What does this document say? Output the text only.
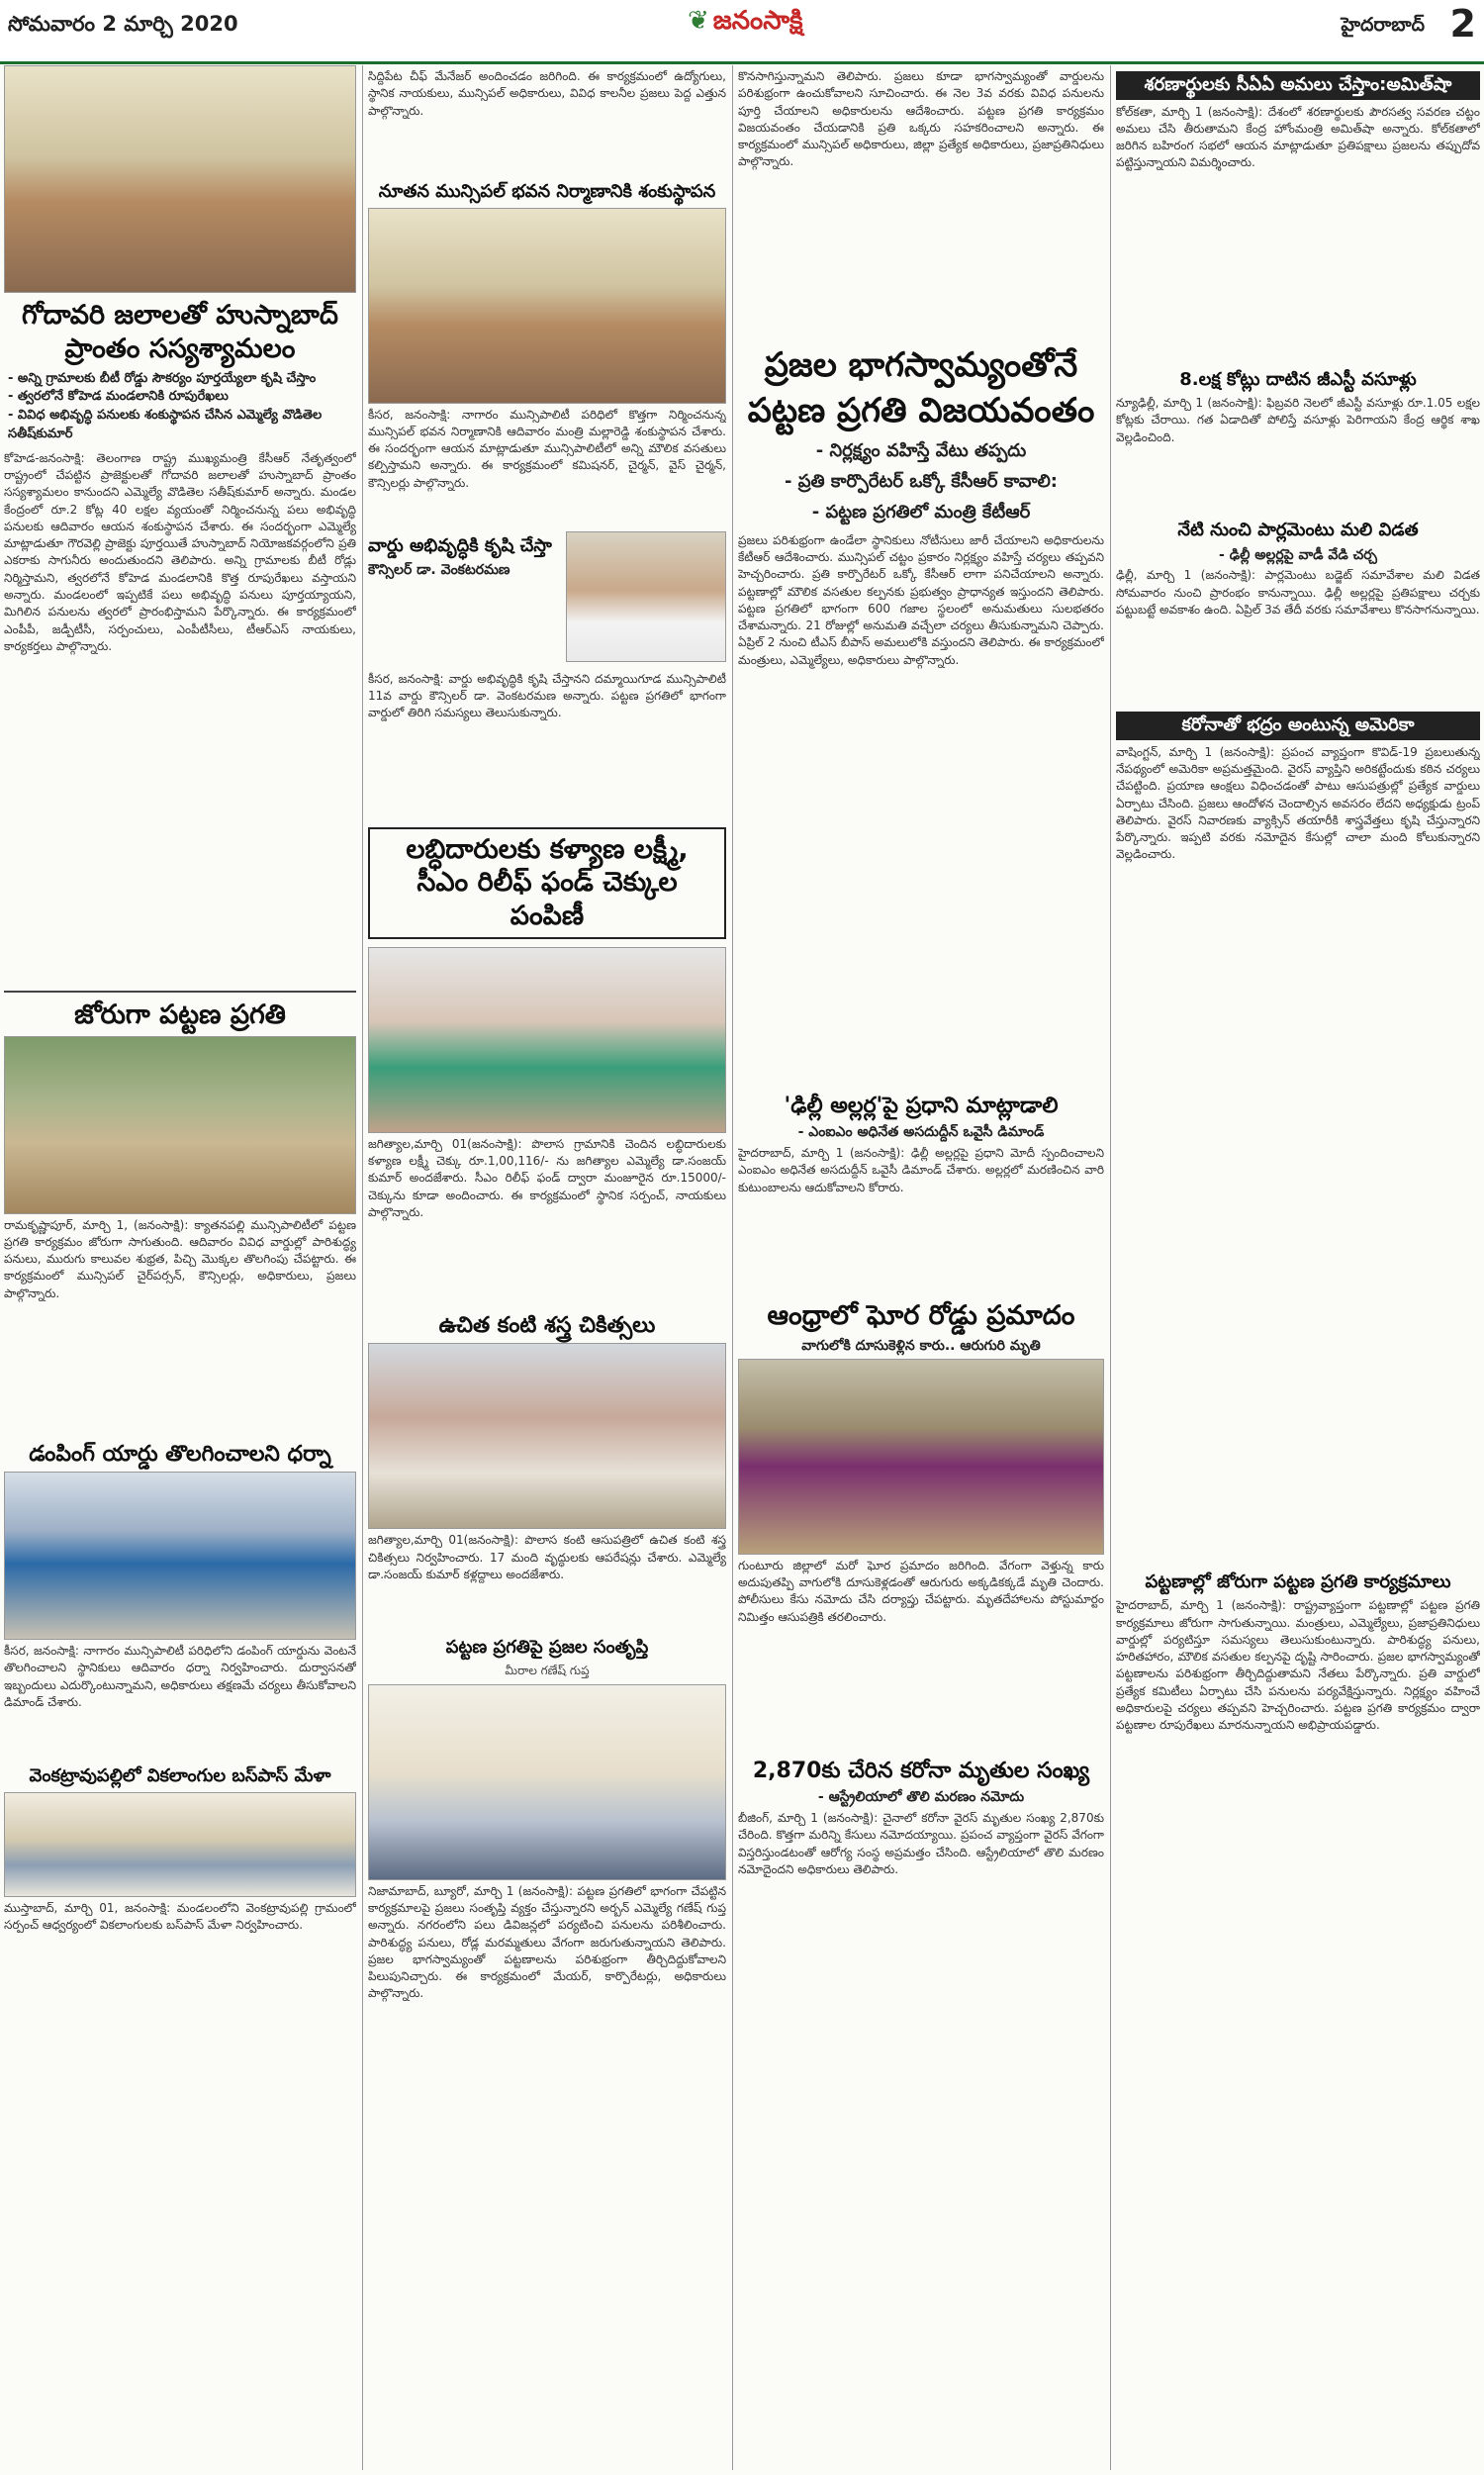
సోమవారం 2 మార్చి 2020	❦ జనంసాక్షి	హైదరాబాద్ 2
గోదావరి జలాలతో హుస్నాబాద్ ప్రాంతం సస్యశ్యామలం
- అన్ని గ్రామాలకు బీటీ రోడ్డు సౌకర్యం పూర్తయ్యేలా కృషి చేస్తాం
- త్వరలోనే కోహెడ మండలానికి రూపురేఖలు
- వివిధ అభివృద్ధి పనులకు శంకుస్థాపన చేసిన ఎమ్మెల్యే వొడితెల సతీష్‌కుమార్
కోహెడ-జనంసాక్షి: తెలంగాణ రాష్ట్ర ముఖ్యమంత్రి కేసీఆర్ నేతృత్వంలో రాష్ట్రంలో చేపట్టిన ప్రాజెక్టులతో గోదావరి జలాలతో హుస్నాబాద్ ప్రాంతం సస్యశ్యామలం కానుందని ఎమ్మెల్యే వొడితెల సతీష్‌కుమార్ అన్నారు. మండల కేంద్రంలో రూ.2 కోట్ల 40 లక్షల వ్యయంతో నిర్మించనున్న పలు అభివృద్ధి పనులకు ఆదివారం ఆయన శంకుస్థాపన చేశారు. ఈ సందర్భంగా ఎమ్మెల్యే మాట్లాడుతూ గౌరవెల్లి ప్రాజెక్టు పూర్తయితే హుస్నాబాద్ నియోజకవర్గంలోని ప్రతి ఎకరాకు సాగునీరు అందుతుందని తెలిపారు. అన్ని గ్రామాలకు బీటీ రోడ్లు నిర్మిస్తామని, త్వరలోనే కోహెడ మండలానికి కొత్త రూపురేఖలు వస్తాయని అన్నారు. మండలంలో ఇప్పటికే పలు అభివృద్ధి పనులు పూర్తయ్యాయని, మిగిలిన పనులను త్వరలో ప్రారంభిస్తామని పేర్కొన్నారు. ఈ కార్యక్రమంలో ఎంపీపీ, జడ్పీటీసీ, సర్పంచులు, ఎంపీటీసీలు, టీఆర్‌ఎస్ నాయకులు, కార్యకర్తలు పాల్గొన్నారు.
జోరుగా పట్టణ ప్రగతి
రామకృష్ణాపూర్, మార్చి 1, (జనంసాక్షి): క్యాతనపల్లి మున్సిపాలిటీలో పట్టణ ప్రగతి కార్యక్రమం జోరుగా సాగుతుంది. ఆదివారం వివిధ వార్డుల్లో పారిశుద్ధ్య పనులు, మురుగు కాలువల శుభ్రత, పిచ్చి మొక్కల తొలగింపు చేపట్టారు. ఈ కార్యక్రమంలో మున్సిపల్ చైర్‌పర్సన్, కౌన్సిలర్లు, అధికారులు, ప్రజలు పాల్గొన్నారు.
డంపింగ్ యార్డు తొలగించాలని ధర్నా
కీసర, జనంసాక్షి: నాగారం మున్సిపాలిటీ పరిధిలోని డంపింగ్ యార్డును వెంటనే తొలగించాలని స్థానికులు ఆదివారం ధర్నా నిర్వహించారు. దుర్వాసనతో ఇబ్బందులు ఎదుర్కొంటున్నామని, అధికారులు తక్షణమే చర్యలు తీసుకోవాలని డిమాండ్ చేశారు.
వెంకట్రావుపల్లిలో వికలాంగుల బస్‌పాస్ మేళా
ముస్తాబాద్, మార్చి 01, జనంసాక్షి: మండలంలోని వెంకట్రావుపల్లి గ్రామంలో సర్పంచ్ ఆధ్వర్యంలో వికలాంగులకు బస్‌పాస్ మేళా నిర్వహించారు.
సిద్దిపేట చీఫ్ మేనేజర్ అందించడం జరిగింది. ఈ కార్యక్రమంలో ఉద్యోగులు, స్థానిక నాయకులు, మున్సిపల్ అధికారులు, వివిధ కాలనీల ప్రజలు పెద్ద ఎత్తున పాల్గొన్నారు.
నూతన మున్సిపల్ భవన నిర్మాణానికి శంకుస్థాపన
కీసర, జనంసాక్షి: నాగారం మున్సిపాలిటీ పరిధిలో కొత్తగా నిర్మించనున్న మున్సిపల్ భవన నిర్మాణానికి ఆదివారం మంత్రి మల్లారెడ్డి శంకుస్థాపన చేశారు. ఈ సందర్భంగా ఆయన మాట్లాడుతూ మున్సిపాలిటీలో అన్ని మౌలిక వసతులు కల్పిస్తామని అన్నారు. ఈ కార్యక్రమంలో కమిషనర్, చైర్మన్, వైస్ చైర్మన్, కౌన్సిలర్లు పాల్గొన్నారు.
వార్డు అభివృద్ధికి కృషి చేస్తా
కౌన్సిలర్ డా. వెంకటరమణ
కీసర, జనంసాక్షి: వార్డు అభివృద్ధికి కృషి చేస్తానని దమ్మాయిగూడ మున్సిపాలిటీ 11వ వార్డు కౌన్సిలర్ డా. వెంకటరమణ అన్నారు. పట్టణ ప్రగతిలో భాగంగా వార్డులో తిరిగి సమస్యలు తెలుసుకున్నారు.
లబ్ధిదారులకు కళ్యాణ లక్ష్మీ, సీఎం రిలీఫ్ ఫండ్ చెక్కుల పంపిణీ
జగిత్యాల,మార్చి 01(జనంసాక్షి): పొలాస గ్రామానికి చెందిన లబ్ధిదారులకు కళ్యాణ లక్ష్మీ చెక్కు రూ.1,00,116/- ను జగిత్యాల ఎమ్మెల్యే డా.సంజయ్ కుమార్ అందజేశారు. సీఎం రిలీఫ్ ఫండ్ ద్వారా మంజూరైన రూ.15000/- చెక్కును కూడా అందించారు. ఈ కార్యక్రమంలో స్థానిక సర్పంచ్, నాయకులు పాల్గొన్నారు.
ఉచిత కంటి శస్త్ర చికిత్సలు
జగిత్యాల,మార్చి 01(జనంసాక్షి): పొలాస కంటి ఆసుపత్రిలో ఉచిత కంటి శస్త్ర చికిత్సలు నిర్వహించారు. 17 మంది వృద్ధులకు ఆపరేషన్లు చేశారు. ఎమ్మెల్యే డా.సంజయ్ కుమార్ కళ్లద్దాలు అందజేశారు.
పట్టణ ప్రగతిపై ప్రజల సంతృప్తి
మీరాల గణేష్ గుప్త
నిజామాబాద్, బ్యూరో, మార్చి 1 (జనంసాక్షి): పట్టణ ప్రగతిలో భాగంగా చేపట్టిన కార్యక్రమాలపై ప్రజలు సంతృప్తి వ్యక్తం చేస్తున్నారని అర్బన్ ఎమ్మెల్యే గణేష్ గుప్త అన్నారు. నగరంలోని పలు డివిజన్లలో పర్యటించి పనులను పరిశీలించారు. పారిశుద్ధ్య పనులు, రోడ్ల మరమ్మతులు వేగంగా జరుగుతున్నాయని తెలిపారు. ప్రజల భాగస్వామ్యంతో పట్టణాలను పరిశుభ్రంగా తీర్చిదిద్దుకోవాలని పిలుపునిచ్చారు. ఈ కార్యక్రమంలో మేయర్, కార్పొరేటర్లు, అధికారులు పాల్గొన్నారు.
కొనసాగిస్తున్నామని తెలిపారు. ప్రజలు కూడా భాగస్వామ్యంతో వార్డులను పరిశుభ్రంగా ఉంచుకోవాలని సూచించారు. ఈ నెల 3వ వరకు వివిధ పనులను పూర్తి చేయాలని అధికారులను ఆదేశించారు. పట్టణ ప్రగతి కార్యక్రమం విజయవంతం చేయడానికి ప్రతి ఒక్కరు సహకరించాలని అన్నారు. ఈ కార్యక్రమంలో మున్సిపల్ అధికారులు, జిల్లా ప్రత్యేక అధికారులు, ప్రజాప్రతినిధులు పాల్గొన్నారు.
ప్రజల భాగస్వామ్యంతోనే పట్టణ ప్రగతి విజయవంతం
- నిర్లక్ష్యం వహిస్తే వేటు తప్పదు
- ప్రతి కార్పొరేటర్ ఒక్కో కేసీఆర్ కావాలి:
- పట్టణ ప్రగతిలో మంత్రి కేటీఆర్
ప్రజలు పరిశుభ్రంగా ఉండేలా స్థానికులు నోటీసులు జారీ చేయాలని అధికారులను కేటీఆర్ ఆదేశించారు. మున్సిపల్ చట్టం ప్రకారం నిర్లక్ష్యం వహిస్తే చర్యలు తప్పవని హెచ్చరించారు. ప్రతి కార్పొరేటర్ ఒక్కో కేసీఆర్ లాగా పనిచేయాలని అన్నారు. పట్టణాల్లో మౌలిక వసతుల కల్పనకు ప్రభుత్వం ప్రాధాన్యత ఇస్తుందని తెలిపారు. పట్టణ ప్రగతిలో భాగంగా 600 గజాల స్థలంలో అనుమతులు సులభతరం చేశామన్నారు. 21 రోజుల్లో అనుమతి వచ్చేలా చర్యలు తీసుకున్నామని చెప్పారు. ఏప్రిల్ 2 నుంచి టీఎస్ బీపాస్ అమలులోకి వస్తుందని తెలిపారు. ఈ కార్యక్రమంలో మంత్రులు, ఎమ్మెల్యేలు, అధికారులు పాల్గొన్నారు.
'ఢిల్లీ అల్లర్ల'పై ప్రధాని మాట్లాడాలి
- ఎంఐఎం అధినేత అసదుద్దీన్ ఒవైసీ డిమాండ్
హైదరాబాద్, మార్చి 1 (జనంసాక్షి): ఢిల్లీ అల్లర్లపై ప్రధాని మోదీ స్పందించాలని ఎంఐఎం అధినేత అసదుద్దీన్ ఒవైసీ డిమాండ్ చేశారు. అల్లర్లలో మరణించిన వారి కుటుంబాలను ఆదుకోవాలని కోరారు.
ఆంధ్రాలో ఘోర రోడ్డు ప్రమాదం
వాగులోకి దూసుకెళ్లిన కారు.. ఆరుగురి మృతి
గుంటూరు జిల్లాలో మరో ఘోర ప్రమాదం జరిగింది. వేగంగా వెళ్తున్న కారు అదుపుతప్పి వాగులోకి దూసుకెళ్లడంతో ఆరుగురు అక్కడికక్కడే మృతి చెందారు. పోలీసులు కేసు నమోదు చేసి దర్యాప్తు చేపట్టారు. మృతదేహాలను పోస్టుమార్టం నిమిత్తం ఆసుపత్రికి తరలించారు.
2,870కు చేరిన కరోనా మృతుల సంఖ్య
- ఆస్ట్రేలియాలో తొలి మరణం నమోదు
బీజింగ్, మార్చి 1 (జనంసాక్షి): చైనాలో కరోనా వైరస్ మృతుల సంఖ్య 2,870కు చేరింది. కొత్తగా మరిన్ని కేసులు నమోదయ్యాయి. ప్రపంచ వ్యాప్తంగా వైరస్ వేగంగా విస్తరిస్తుండటంతో ఆరోగ్య సంస్థ అప్రమత్తం చేసింది. ఆస్ట్రేలియాలో తొలి మరణం నమోదైందని అధికారులు తెలిపారు.
శరణార్థులకు సీఏఏ అమలు చేస్తాం:అమిత్‌షా
కోల్‌కతా, మార్చి 1 (జనంసాక్షి): దేశంలో శరణార్థులకు పౌరసత్వ సవరణ చట్టం అమలు చేసి తీరుతామని కేంద్ర హోంమంత్రి అమిత్‌షా అన్నారు. కోల్‌కతాలో జరిగిన బహిరంగ సభలో ఆయన మాట్లాడుతూ ప్రతిపక్షాలు ప్రజలను తప్పుదోవ పట్టిస్తున్నాయని విమర్శించారు.
8.లక్ష కోట్లు దాటిన జీఎస్టీ వసూళ్లు
న్యూఢిల్లీ, మార్చి 1 (జనంసాక్షి): ఫిబ్రవరి నెలలో జీఎస్టీ వసూళ్లు రూ.1.05 లక్షల కోట్లకు చేరాయి. గత ఏడాదితో పోలిస్తే వసూళ్లు పెరిగాయని కేంద్ర ఆర్థిక శాఖ వెల్లడించింది.
నేటి నుంచి పార్లమెంటు మలి విడత
- ఢిల్లీ అల్లర్లపై వాడీ వేడి చర్చ
ఢిల్లీ, మార్చి 1 (జనంసాక్షి): పార్లమెంటు బడ్జెట్ సమావేశాల మలి విడత సోమవారం నుంచి ప్రారంభం కానున్నాయి. ఢిల్లీ అల్లర్లపై ప్రతిపక్షాలు చర్చకు పట్టుబట్టే అవకాశం ఉంది. ఏప్రిల్ 3వ తేదీ వరకు సమావేశాలు కొనసాగనున్నాయి.
కరోనాతో భద్రం అంటున్న అమెరికా
వాషింగ్టన్, మార్చి 1 (జనంసాక్షి): ప్రపంచ వ్యాప్తంగా కొవిడ్-19 ప్రబలుతున్న నేపథ్యంలో అమెరికా అప్రమత్తమైంది. వైరస్ వ్యాప్తిని అరికట్టేందుకు కఠిన చర్యలు చేపట్టింది. ప్రయాణ ఆంక్షలు విధించడంతో పాటు ఆసుపత్రుల్లో ప్రత్యేక వార్డులు ఏర్పాటు చేసింది. ప్రజలు ఆందోళన చెందాల్సిన అవసరం లేదని అధ్యక్షుడు ట్రంప్ తెలిపారు. వైరస్ నివారణకు వ్యాక్సిన్ తయారీకి శాస్త్రవేత్తలు కృషి చేస్తున్నారని పేర్కొన్నారు. ఇప్పటి వరకు నమోదైన కేసుల్లో చాలా మంది కోలుకున్నారని వెల్లడించారు.
పట్టణాల్లో జోరుగా పట్టణ ప్రగతి కార్యక్రమాలు
హైదరాబాద్, మార్చి 1 (జనంసాక్షి): రాష్ట్రవ్యాప్తంగా పట్టణాల్లో పట్టణ ప్రగతి కార్యక్రమాలు జోరుగా సాగుతున్నాయి. మంత్రులు, ఎమ్మెల్యేలు, ప్రజాప్రతినిధులు వార్డుల్లో పర్యటిస్తూ సమస్యలు తెలుసుకుంటున్నారు. పారిశుద్ధ్య పనులు, హరితహారం, మౌలిక వసతుల కల్పనపై దృష్టి సారించారు. ప్రజల భాగస్వామ్యంతో పట్టణాలను పరిశుభ్రంగా తీర్చిదిద్దుతామని నేతలు పేర్కొన్నారు. ప్రతి వార్డులో ప్రత్యేక కమిటీలు ఏర్పాటు చేసి పనులను పర్యవేక్షిస్తున్నారు. నిర్లక్ష్యం వహించే అధికారులపై చర్యలు తప్పవని హెచ్చరించారు. పట్టణ ప్రగతి కార్యక్రమం ద్వారా పట్టణాల రూపురేఖలు మారనున్నాయని అభిప్రాయపడ్డారు.
